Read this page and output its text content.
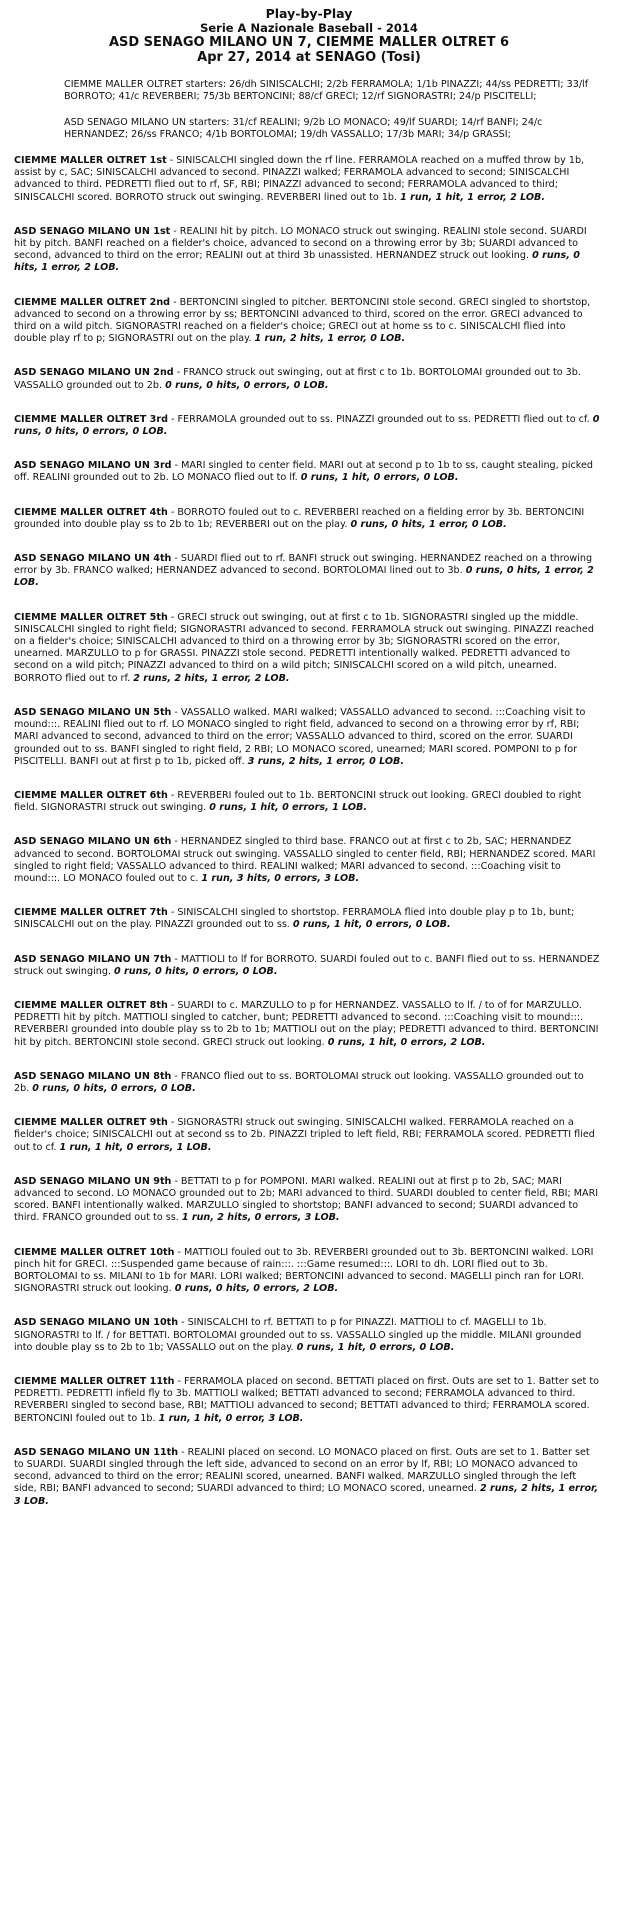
Play-by-Play
Serie A Nazionale Baseball - 2014
ASD SENAGO MILANO UN 7, CIEMME MALLER OLTRET 6
Apr 27, 2014 at SENAGO (Tosi)

CIEMME MALLER OLTRET starters: 26/dh SINISCALCHI; 2/2b FERRAMOLA; 1/1b PINAZZI; 44/ss PEDRETTI; 33/lf BORROTO; 41/c REVERBERI; 75/3b BERTONCINI; 88/cf GRECI; 12/rf SIGNORASTRI; 24/p PISCITELLI;

ASD SENAGO MILANO UN starters: 31/cf REALINI; 9/2b LO MONACO; 49/lf SUARDI; 14/rf BANFI; 24/c HERNANDEZ; 26/ss FRANCO; 4/1b BORTOLOMAI; 19/dh VASSALLO; 17/3b MARI; 34/p GRASSI;

CIEMME MALLER OLTRET 1st - SINISCALCHI singled down the rf line. FERRAMOLA reached on a muffed throw by 1b, assist by c, SAC; SINISCALCHI advanced to second. PINAZZI walked; FERRAMOLA advanced to second; SINISCALCHI advanced to third. PEDRETTI flied out to rf, SF, RBI; PINAZZI advanced to second; FERRAMOLA advanced to third; SINISCALCHI scored. BORROTO struck out swinging. REVERBERI lined out to 1b. 1 run, 1 hit, 1 error, 2 LOB.

ASD SENAGO MILANO UN 1st - REALINI hit by pitch. LO MONACO struck out swinging. REALINI stole second. SUARDI hit by pitch. BANFI reached on a fielder's choice, advanced to second on a throwing error by 3b; SUARDI advanced to second, advanced to third on the error; REALINI out at third 3b unassisted. HERNANDEZ struck out looking. 0 runs, 0 hits, 1 error, 2 LOB.

CIEMME MALLER OLTRET 2nd - BERTONCINI singled to pitcher. BERTONCINI stole second. GRECI singled to shortstop, advanced to second on a throwing error by ss; BERTONCINI advanced to third, scored on the error. GRECI advanced to third on a wild pitch. SIGNORASTRI reached on a fielder's choice; GRECI out at home ss to c. SINISCALCHI flied into double play rf to p; SIGNORASTRI out on the play. 1 run, 2 hits, 1 error, 0 LOB.

ASD SENAGO MILANO UN 2nd - FRANCO struck out swinging, out at first c to 1b. BORTOLOMAI grounded out to 3b. VASSALLO grounded out to 2b. 0 runs, 0 hits, 0 errors, 0 LOB.

CIEMME MALLER OLTRET 3rd - FERRAMOLA grounded out to ss. PINAZZI grounded out to ss. PEDRETTI flied out to cf. 0 runs, 0 hits, 0 errors, 0 LOB.

ASD SENAGO MILANO UN 3rd - MARI singled to center field. MARI out at second p to 1b to ss, caught stealing, picked off. REALINI grounded out to 2b. LO MONACO flied out to lf. 0 runs, 1 hit, 0 errors, 0 LOB.

CIEMME MALLER OLTRET 4th - BORROTO fouled out to c. REVERBERI reached on a fielding error by 3b. BERTONCINI grounded into double play ss to 2b to 1b; REVERBERI out on the play. 0 runs, 0 hits, 1 error, 0 LOB.

ASD SENAGO MILANO UN 4th - SUARDI flied out to rf. BANFI struck out swinging. HERNANDEZ reached on a throwing error by 3b. FRANCO walked; HERNANDEZ advanced to second. BORTOLOMAI lined out to 3b. 0 runs, 0 hits, 1 error, 2 LOB.

CIEMME MALLER OLTRET 5th - GRECI struck out swinging, out at first c to 1b. SIGNORASTRI singled up the middle. SINISCALCHI singled to right field; SIGNORASTRI advanced to second. FERRAMOLA struck out swinging. PINAZZI reached on a fielder's choice; SINISCALCHI advanced to third on a throwing error by 3b; SIGNORASTRI scored on the error, unearned. MARZULLO to p for GRASSI. PINAZZI stole second. PEDRETTI intentionally walked. PEDRETTI advanced to second on a wild pitch; PINAZZI advanced to third on a wild pitch; SINISCALCHI scored on a wild pitch, unearned. BORROTO flied out to rf. 2 runs, 2 hits, 1 error, 2 LOB.

ASD SENAGO MILANO UN 5th - VASSALLO walked. MARI walked; VASSALLO advanced to second. :::Coaching visit to mound:::. REALINI flied out to rf. LO MONACO singled to right field, advanced to second on a throwing error by rf, RBI; MARI advanced to second, advanced to third on the error; VASSALLO advanced to third, scored on the error. SUARDI grounded out to ss. BANFI singled to right field, 2 RBI; LO MONACO scored, unearned; MARI scored. POMPONI to p for PISCITELLI. BANFI out at first p to 1b, picked off. 3 runs, 2 hits, 1 error, 0 LOB.

CIEMME MALLER OLTRET 6th - REVERBERI fouled out to 1b. BERTONCINI struck out looking. GRECI doubled to right field. SIGNORASTRI struck out swinging. 0 runs, 1 hit, 0 errors, 1 LOB.

ASD SENAGO MILANO UN 6th - HERNANDEZ singled to third base. FRANCO out at first c to 2b, SAC; HERNANDEZ advanced to second. BORTOLOMAI struck out swinging. VASSALLO singled to center field, RBI; HERNANDEZ scored. MARI singled to right field; VASSALLO advanced to third. REALINI walked; MARI advanced to second. :::Coaching visit to mound:::. LO MONACO fouled out to c. 1 run, 3 hits, 0 errors, 3 LOB.

CIEMME MALLER OLTRET 7th - SINISCALCHI singled to shortstop. FERRAMOLA flied into double play p to 1b, bunt; SINISCALCHI out on the play. PINAZZI grounded out to ss. 0 runs, 1 hit, 0 errors, 0 LOB.

ASD SENAGO MILANO UN 7th - MATTIOLI to lf for BORROTO. SUARDI fouled out to c. BANFI flied out to ss. HERNANDEZ struck out swinging. 0 runs, 0 hits, 0 errors, 0 LOB.

CIEMME MALLER OLTRET 8th - SUARDI to c. MARZULLO to p for HERNANDEZ. VASSALLO to lf. / to of for MARZULLO. PEDRETTI hit by pitch. MATTIOLI singled to catcher, bunt; PEDRETTI advanced to second. :::Coaching visit to mound:::. REVERBERI grounded into double play ss to 2b to 1b; MATTIOLI out on the play; PEDRETTI advanced to third. BERTONCINI hit by pitch. BERTONCINI stole second. GRECI struck out looking. 0 runs, 1 hit, 0 errors, 2 LOB.

ASD SENAGO MILANO UN 8th - FRANCO flied out to ss. BORTOLOMAI struck out looking. VASSALLO grounded out to 2b. 0 runs, 0 hits, 0 errors, 0 LOB.

CIEMME MALLER OLTRET 9th - SIGNORASTRI struck out swinging. SINISCALCHI walked. FERRAMOLA reached on a fielder's choice; SINISCALCHI out at second ss to 2b. PINAZZI tripled to left field, RBI; FERRAMOLA scored. PEDRETTI flied out to cf. 1 run, 1 hit, 0 errors, 1 LOB.

ASD SENAGO MILANO UN 9th - BETTATI to p for POMPONI. MARI walked. REALINI out at first p to 2b, SAC; MARI advanced to second. LO MONACO grounded out to 2b; MARI advanced to third. SUARDI doubled to center field, RBI; MARI scored. BANFI intentionally walked. MARZULLO singled to shortstop; BANFI advanced to second; SUARDI advanced to third. FRANCO grounded out to ss. 1 run, 2 hits, 0 errors, 3 LOB.

CIEMME MALLER OLTRET 10th - MATTIOLI fouled out to 3b. REVERBERI grounded out to 3b. BERTONCINI walked. LORI pinch hit for GRECI. :::Suspended game because of rain:::. :::Game resumed:::. LORI to dh. LORI flied out to 3b. BORTOLOMAI to ss. MILANI to 1b for MARI. LORI walked; BERTONCINI advanced to second. MAGELLI pinch ran for LORI. SIGNORASTRI struck out looking. 0 runs, 0 hits, 0 errors, 2 LOB.

ASD SENAGO MILANO UN 10th - SINISCALCHI to rf. BETTATI to p for PINAZZI. MATTIOLI to cf. MAGELLI to 1b. SIGNORASTRI to lf. / for BETTATI. BORTOLOMAI grounded out to ss. VASSALLO singled up the middle. MILANI grounded into double play ss to 2b to 1b; VASSALLO out on the play. 0 runs, 1 hit, 0 errors, 0 LOB.

CIEMME MALLER OLTRET 11th - FERRAMOLA placed on second. BETTATI placed on first. Outs are set to 1. Batter set to PEDRETTI. PEDRETTI infield fly to 3b. MATTIOLI walked; BETTATI advanced to second; FERRAMOLA advanced to third. REVERBERI singled to second base, RBI; MATTIOLI advanced to second; BETTATI advanced to third; FERRAMOLA scored. BERTONCINI fouled out to 1b. 1 run, 1 hit, 0 error, 3 LOB.

ASD SENAGO MILANO UN 11th - REALINI placed on second. LO MONACO placed on first. Outs are set to 1. Batter set to SUARDI. SUARDI singled through the left side, advanced to second on an error by lf, RBI; LO MONACO advanced to second, advanced to third on the error; REALINI scored, unearned. BANFI walked. MARZULLO singled through the left side, RBI; BANFI advanced to second; SUARDI advanced to third; LO MONACO scored, unearned. 2 runs, 2 hits, 1 error, 3 LOB.
